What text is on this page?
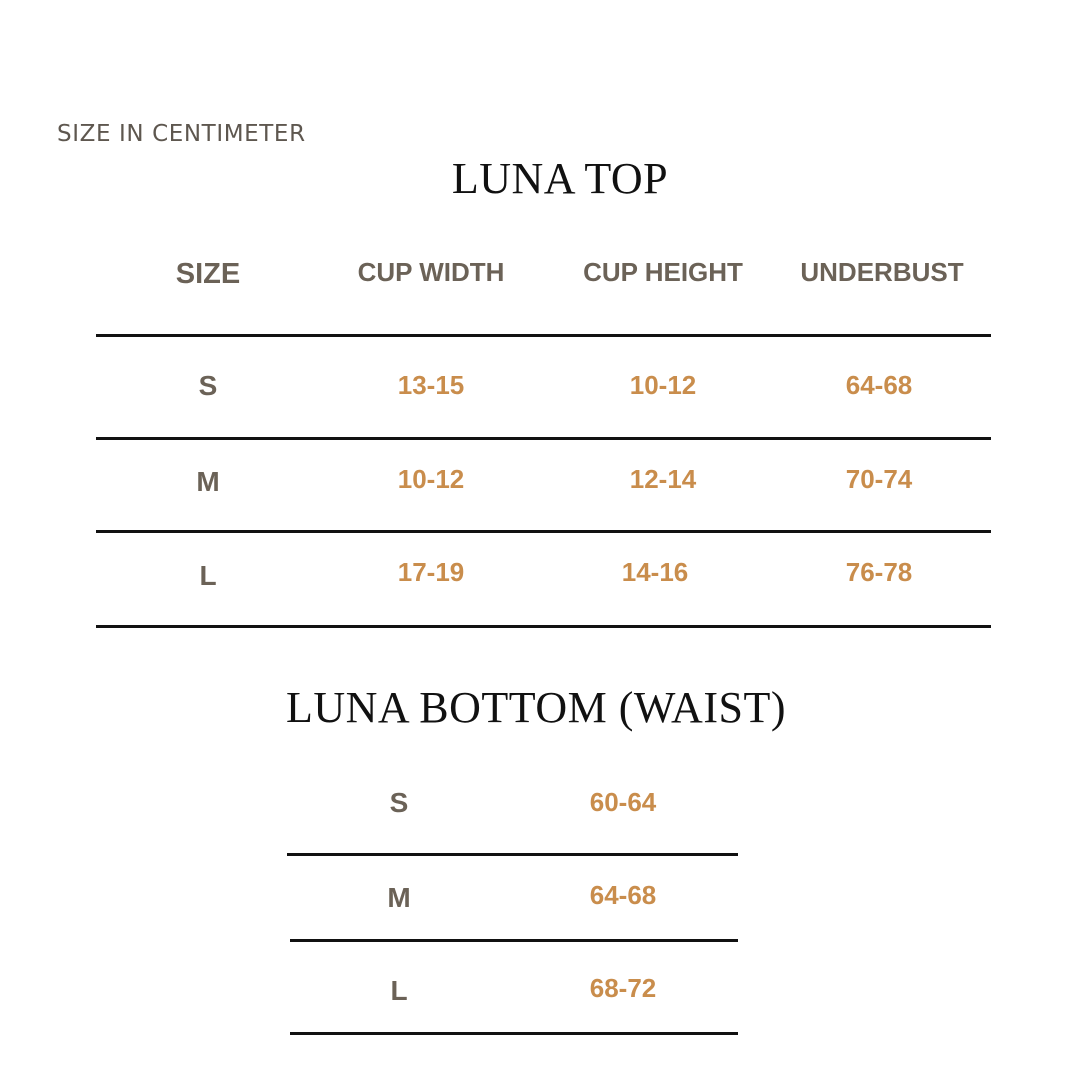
SIZE IN CENTIMETER
LUNA TOP
SIZE	CUP WIDTH	CUP HEIGHT	UNDERBUST
S	13-15	10-12	64-68
M	10-12	12-14	70-74
L	17-19	14-16	76-78
LUNA BOTTOM (WAIST)
S	60-64
M	64-68
L	68-72
